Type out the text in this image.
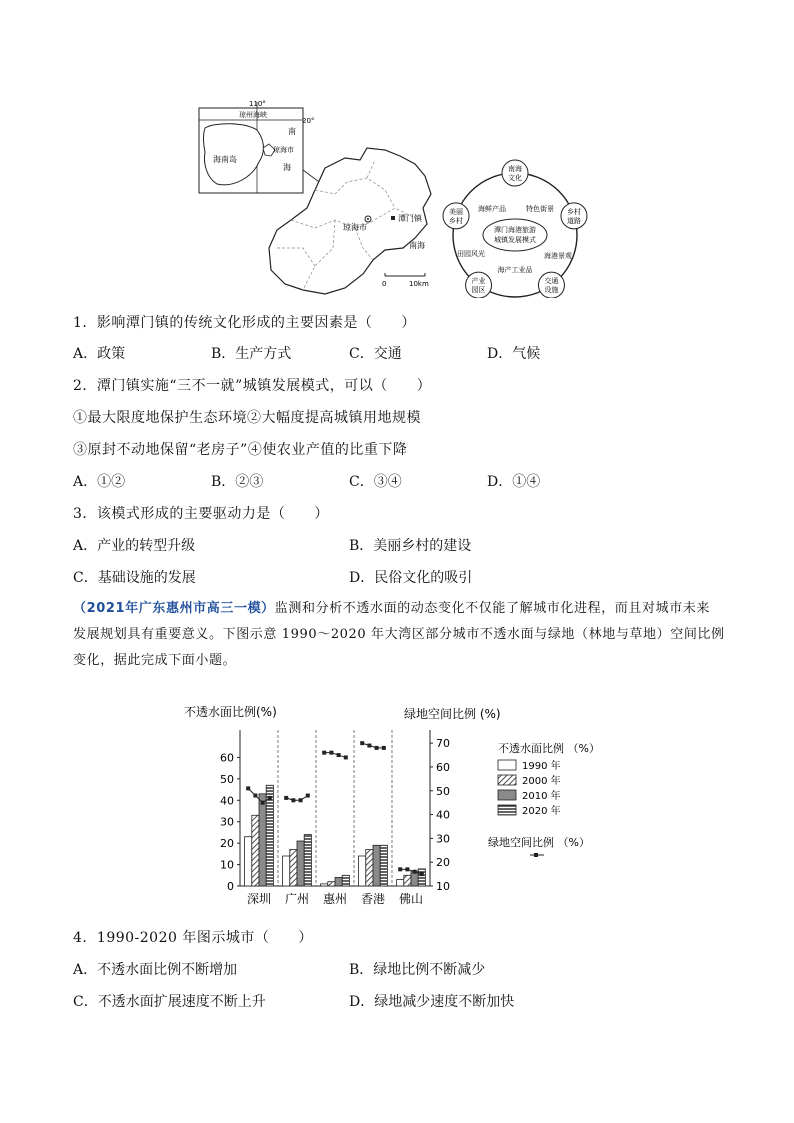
110°
20°
琼州海峡
海南岛
琼海市
南
海
琼海市
潭门镇
南海
0	10km
潭门海港旅游
城镇发展模式
南海
文化
乡村
道路
交通
设施
产业
园区
美丽
乡村
海鲜产品	特色街景
海港景观
海产工业品
田园风光
1．影响潭门镇的传统文化形成的主要因素是（　　）
A．政策	B．生产方式	C．交通	D．气候
2．潭门镇实施“三不一就”城镇发展模式，可以（　　）
①最大限度地保护生态环境②大幅度提高城镇用地规模
③原封不动地保留“老房子”④使农业产值的比重下降
A．①②	B．②③	C．③④	D．①④
3．该模式形成的主要驱动力是（　　）
A．产业的转型升级	B．美丽乡村的建设
C．基础设施的发展	D．民俗文化的吸引
（2021年广东惠州市高三一模）监测和分析不透水面的动态变化不仅能了解城市化进程，而且对城市未来
发展规划具有重要意义。下图示意 1990～2020 年大湾区部分城市不透水面与绿地（林地与草地）空间比例
变化，据此完成下面小题。
不透水面比例(%)	绿地空间比例 (%)
0
10
20
30
40
50
60
10
20
30
40
50
60
70
深圳 广州 惠州 香港 佛山
不透水面比例 （%）
1990 年
2000 年
2010 年
2020 年
绿地空间比例 （%）
4．1990-2020 年图示城市（　　）
A．不透水面比例不断增加	B．绿地比例不断减少
C．不透水面扩展速度不断上升	D．绿地减少速度不断加快
